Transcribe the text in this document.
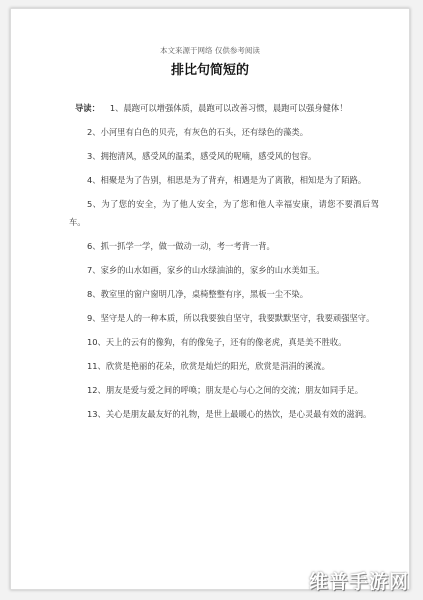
本文来源于网络 仅供参考阅读
排比句简短的

导读： 1、晨跑可以增强体质，晨跑可以改善习惯，晨跑可以强身健体！

2、小河里有白色的贝壳，有灰色的石头，还有绿色的藻类。

3、拥抱清风，感受风的温柔，感受风的呢喃，感受风的包容。

4、相聚是为了告别，相思是为了背弃，相遇是为了离散，相知是为了陌路。

5、为了您的安全，为了他人安全，为了您和他人幸福安康，请您不要酒后驾车。

6、抓一抓学一学，做一做动一动，考一考背一背。

7、家乡的山水如画，家乡的山水绿油油的，家乡的山水美如玉。

8、教室里的窗户窗明几净，桌椅整整有序，黑板一尘不染。

9、坚守是人的一种本质，所以我要独自坚守，我要默默坚守，我要顽强坚守。

10、天上的云有的像狗，有的像兔子，还有的像老虎，真是美不胜收。

11、欣赏是艳丽的花朵，欣赏是灿烂的阳光，欣赏是涓涓的溪流。

12、朋友是爱与爱之间的呼唤；朋友是心与心之间的交流；朋友如同手足。

13、关心是朋友最友好的礼物，是世上最暖心的热饮，是心灵最有效的滋润。

维普手游网
